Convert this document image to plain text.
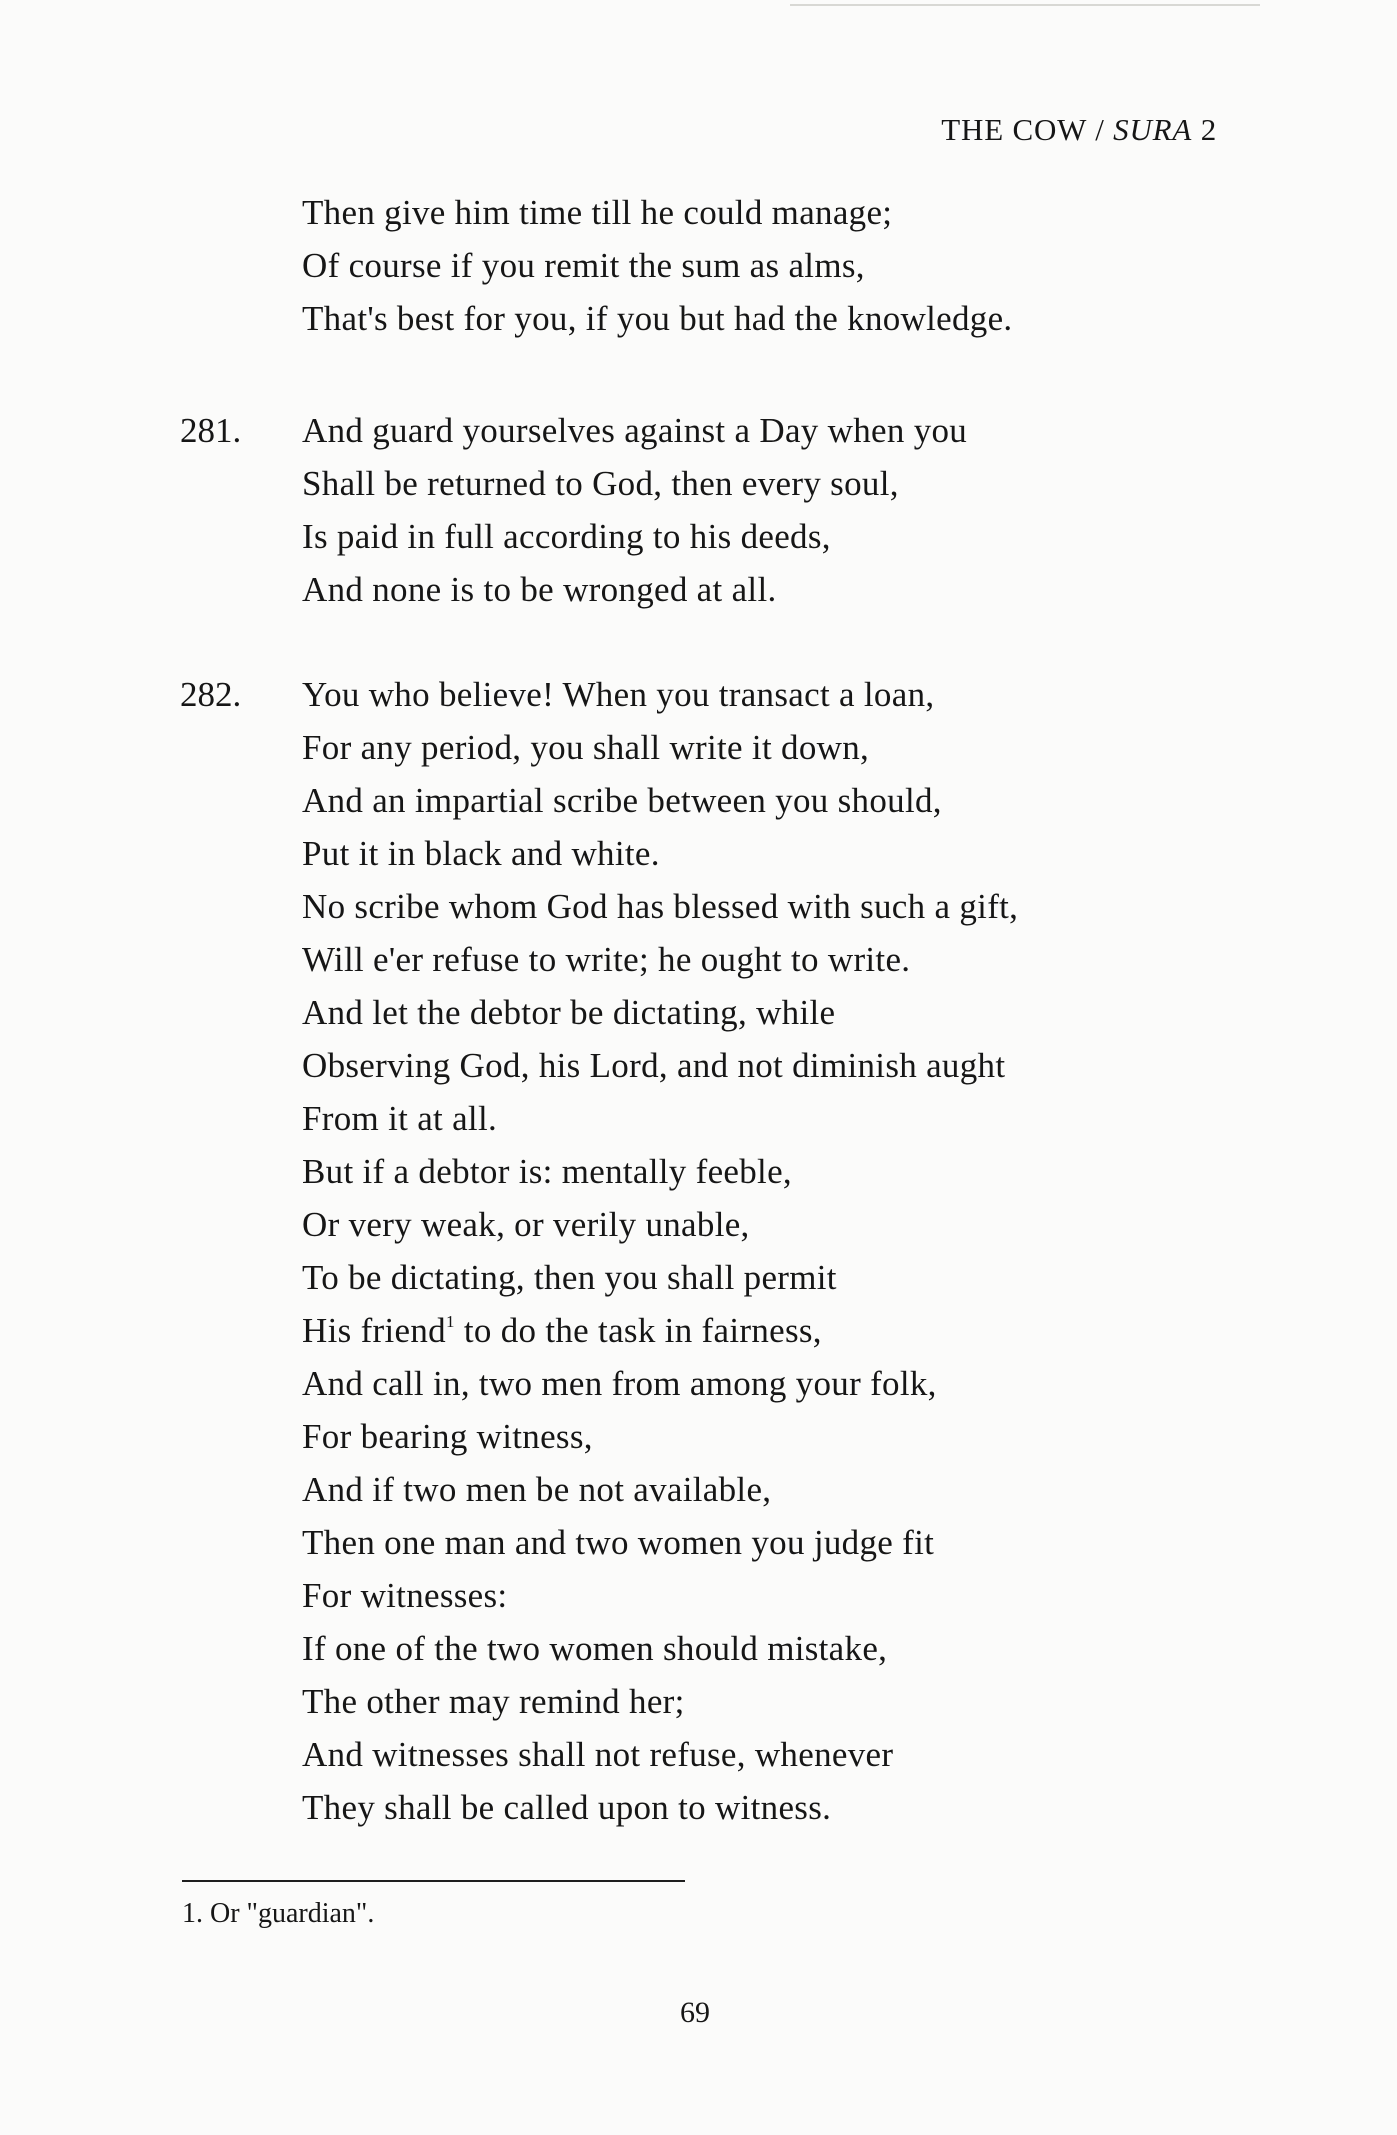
THE COW / SURA 2
Then give him time till he could manage;
Of course if you remit the sum as alms,
That's best for you, if you but had the knowledge.
281. And guard yourselves against a Day when you
Shall be returned to God, then every soul,
Is paid in full according to his deeds,
And none is to be wronged at all.
282. You who believe! When you transact a loan,
For any period, you shall write it down,
And an impartial scribe between you should,
Put it in black and white.
No scribe whom God has blessed with such a gift,
Will e'er refuse to write; he ought to write.
And let the debtor be dictating, while
Observing God, his Lord, and not diminish aught
From it at all.
But if a debtor is: mentally feeble,
Or very weak, or verily unable,
To be dictating, then you shall permit
His friend$^1$ to do the task in fairness,
And call in, two men from among your folk,
For bearing witness,
And if two men be not available,
Then one man and two women you judge fit
For witnesses:
If one of the two women should mistake,
The other may remind her;
And witnesses shall not refuse, whenever
They shall be called upon to witness.
1. Or "guardian".
69
